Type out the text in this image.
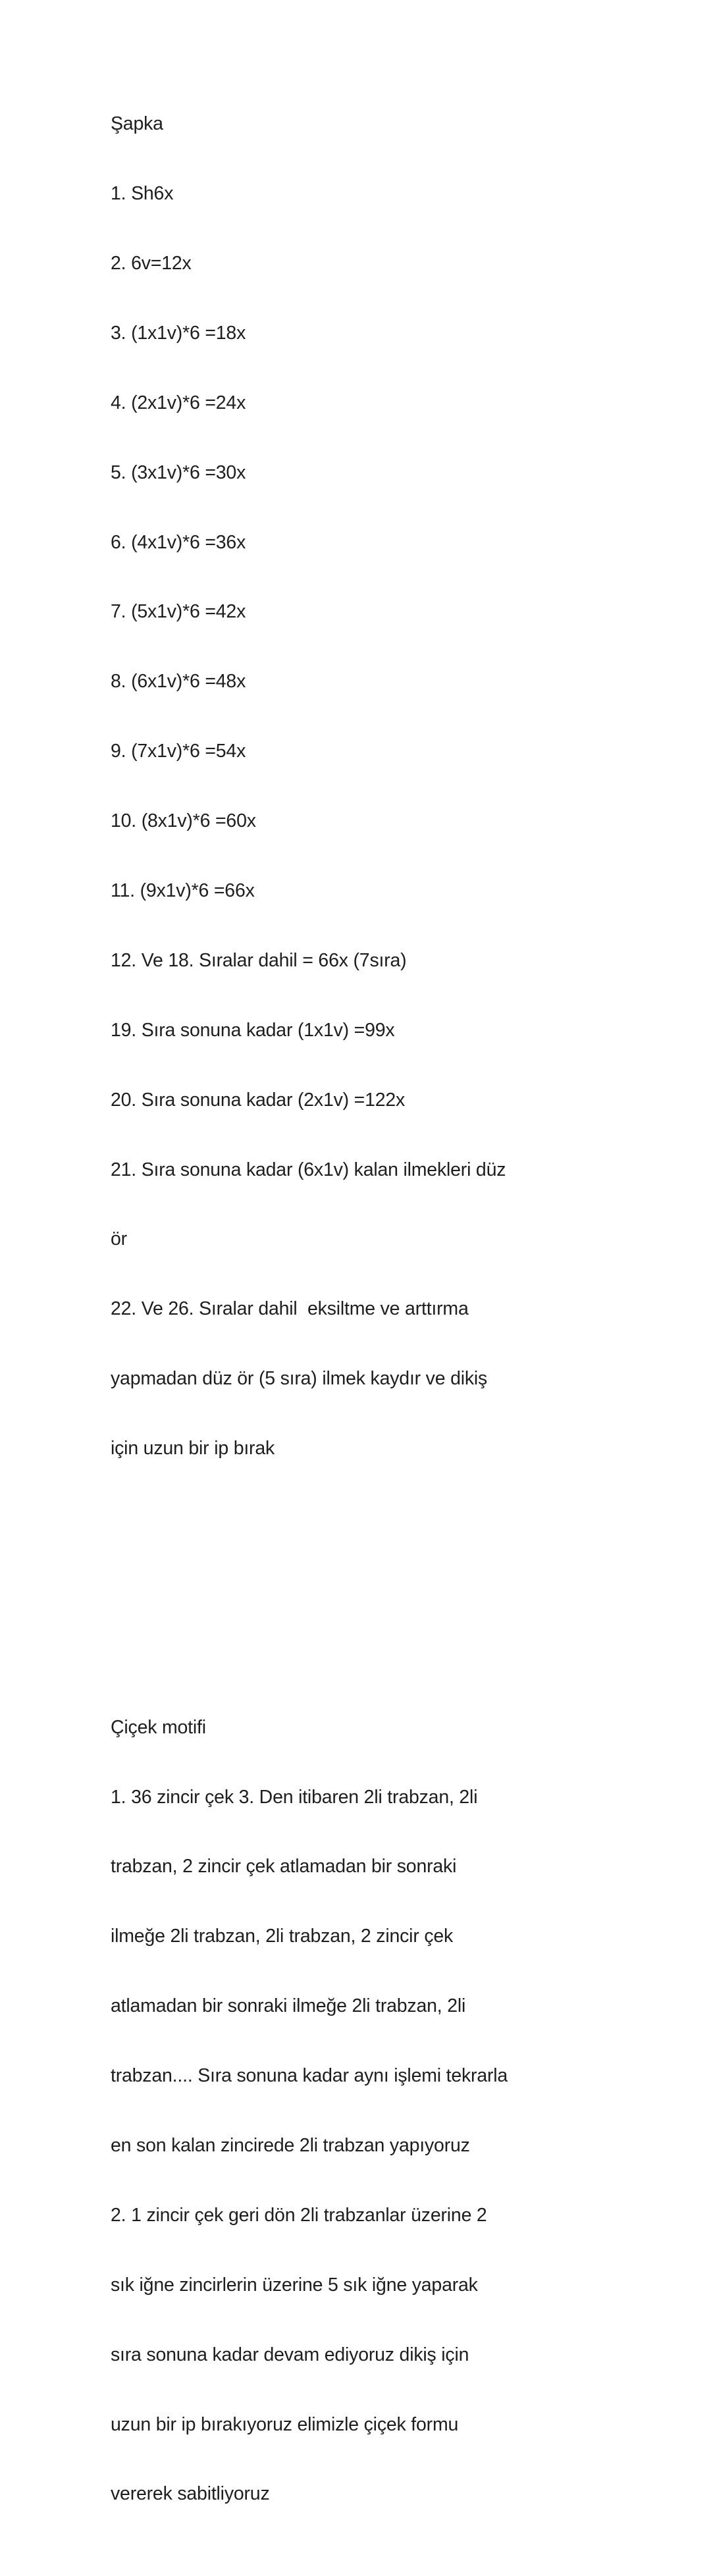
Şapka

1. Sh6x

2. 6v=12x

3. (1x1v)*6 =18x

4. (2x1v)*6 =24x

5. (3x1v)*6 =30x

6. (4x1v)*6 =36x

7. (5x1v)*6 =42x

8. (6x1v)*6 =48x

9. (7x1v)*6 =54x

10. (8x1v)*6 =60x

11. (9x1v)*6 =66x

12. Ve 18. Sıralar dahil = 66x (7sıra)

19. Sıra sonuna kadar (1x1v) =99x

20. Sıra sonuna kadar (2x1v) =122x

21. Sıra sonuna kadar (6x1v) kalan ilmekleri düz

ör

22. Ve 26. Sıralar dahil  eksiltme ve arttırma

yapmadan düz ör (5 sıra) ilmek kaydır ve dikiş

için uzun bir ip bırak

Çiçek motifi

1. 36 zincir çek 3. Den itibaren 2li trabzan, 2li

trabzan, 2 zincir çek atlamadan bir sonraki

ilmeğe 2li trabzan, 2li trabzan, 2 zincir çek

atlamadan bir sonraki ilmeğe 2li trabzan, 2li

trabzan.... Sıra sonuna kadar aynı işlemi tekrarla

en son kalan zincirede 2li trabzan yapıyoruz

2. 1 zincir çek geri dön 2li trabzanlar üzerine 2

sık iğne zincirlerin üzerine 5 sık iğne yaparak

sıra sonuna kadar devam ediyoruz dikiş için

uzun bir ip bırakıyoruz elimizle çiçek formu

vererek sabitliyoruz
